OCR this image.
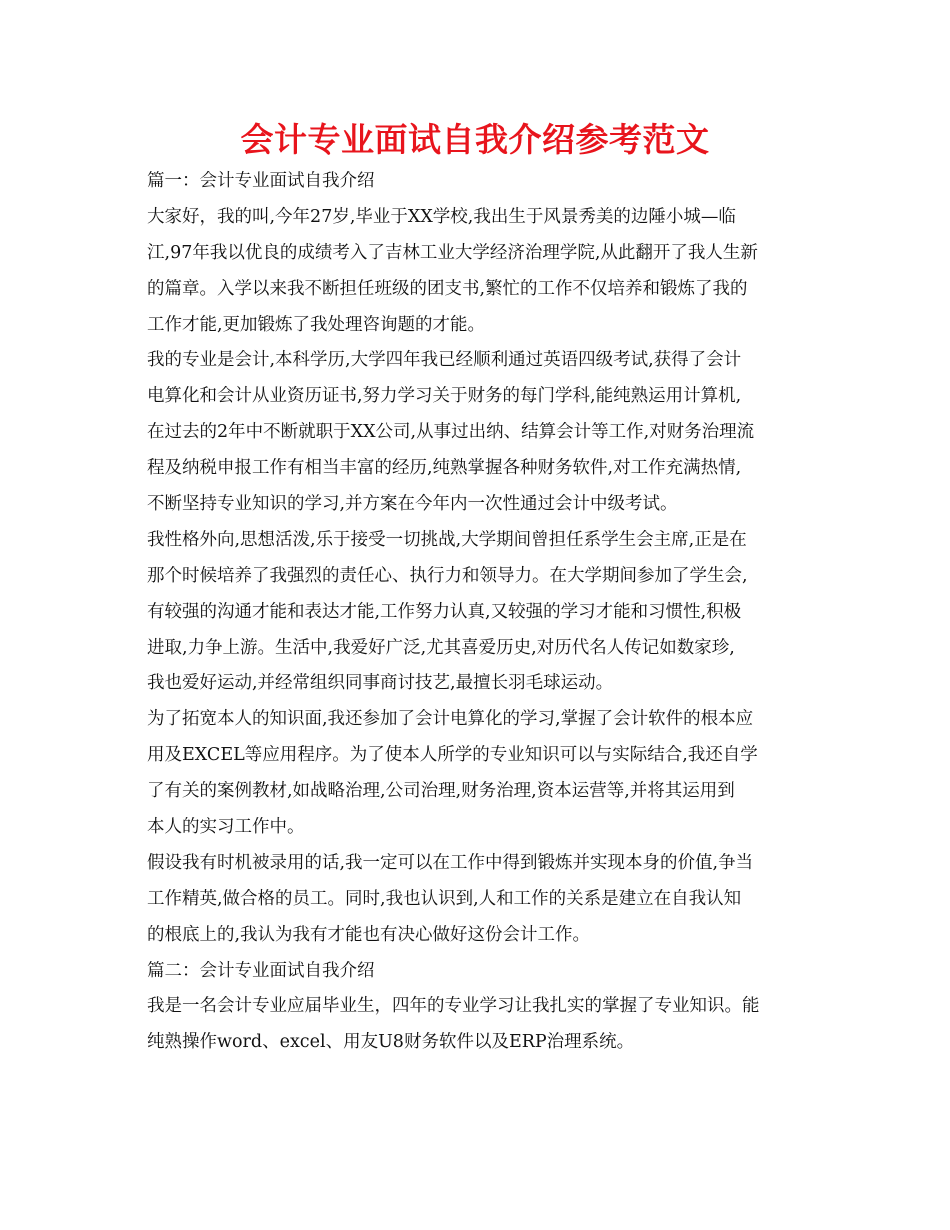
会计专业面试自我介绍参考范文
篇一：会计专业面试自我介绍
大家好，我的叫,今年27岁,毕业于XX学校,我出生于风景秀美的边陲小城—临
江,97年我以优良的成绩考入了吉林工业大学经济治理学院,从此翻开了我人生新
的篇章。入学以来我不断担任班级的团支书,繁忙的工作不仅培养和锻炼了我的
工作才能,更加锻炼了我处理咨询题的才能。
我的专业是会计,本科学历,大学四年我已经顺利通过英语四级考试,获得了会计
电算化和会计从业资历证书,努力学习关于财务的每门学科,能纯熟运用计算机,
在过去的2年中不断就职于XX公司,从事过出纳、结算会计等工作,对财务治理流
程及纳税申报工作有相当丰富的经历,纯熟掌握各种财务软件,对工作充满热情,
不断坚持专业知识的学习,并方案在今年内一次性通过会计中级考试。
我性格外向,思想活泼,乐于接受一切挑战,大学期间曾担任系学生会主席,正是在
那个时候培养了我强烈的责任心、执行力和领导力。在大学期间参加了学生会,
有较强的沟通才能和表达才能,工作努力认真,又较强的学习才能和习惯性,积极
进取,力争上游。生活中,我爱好广泛,尤其喜爱历史,对历代名人传记如数家珍,
我也爱好运动,并经常组织同事商讨技艺,最擅长羽毛球运动。
为了拓宽本人的知识面,我还参加了会计电算化的学习,掌握了会计软件的根本应
用及EXCEL等应用程序。为了使本人所学的专业知识可以与实际结合,我还自学
了有关的案例教材,如战略治理,公司治理,财务治理,资本运营等,并将其运用到
本人的实习工作中。
假设我有时机被录用的话,我一定可以在工作中得到锻炼并实现本身的价值,争当
工作精英,做合格的员工。同时,我也认识到,人和工作的关系是建立在自我认知
的根底上的,我认为我有才能也有决心做好这份会计工作。
篇二：会计专业面试自我介绍
我是一名会计专业应届毕业生，四年的专业学习让我扎实的掌握了专业知识。能
纯熟操作word、excel、用友U8财务软件以及ERP治理系统。
